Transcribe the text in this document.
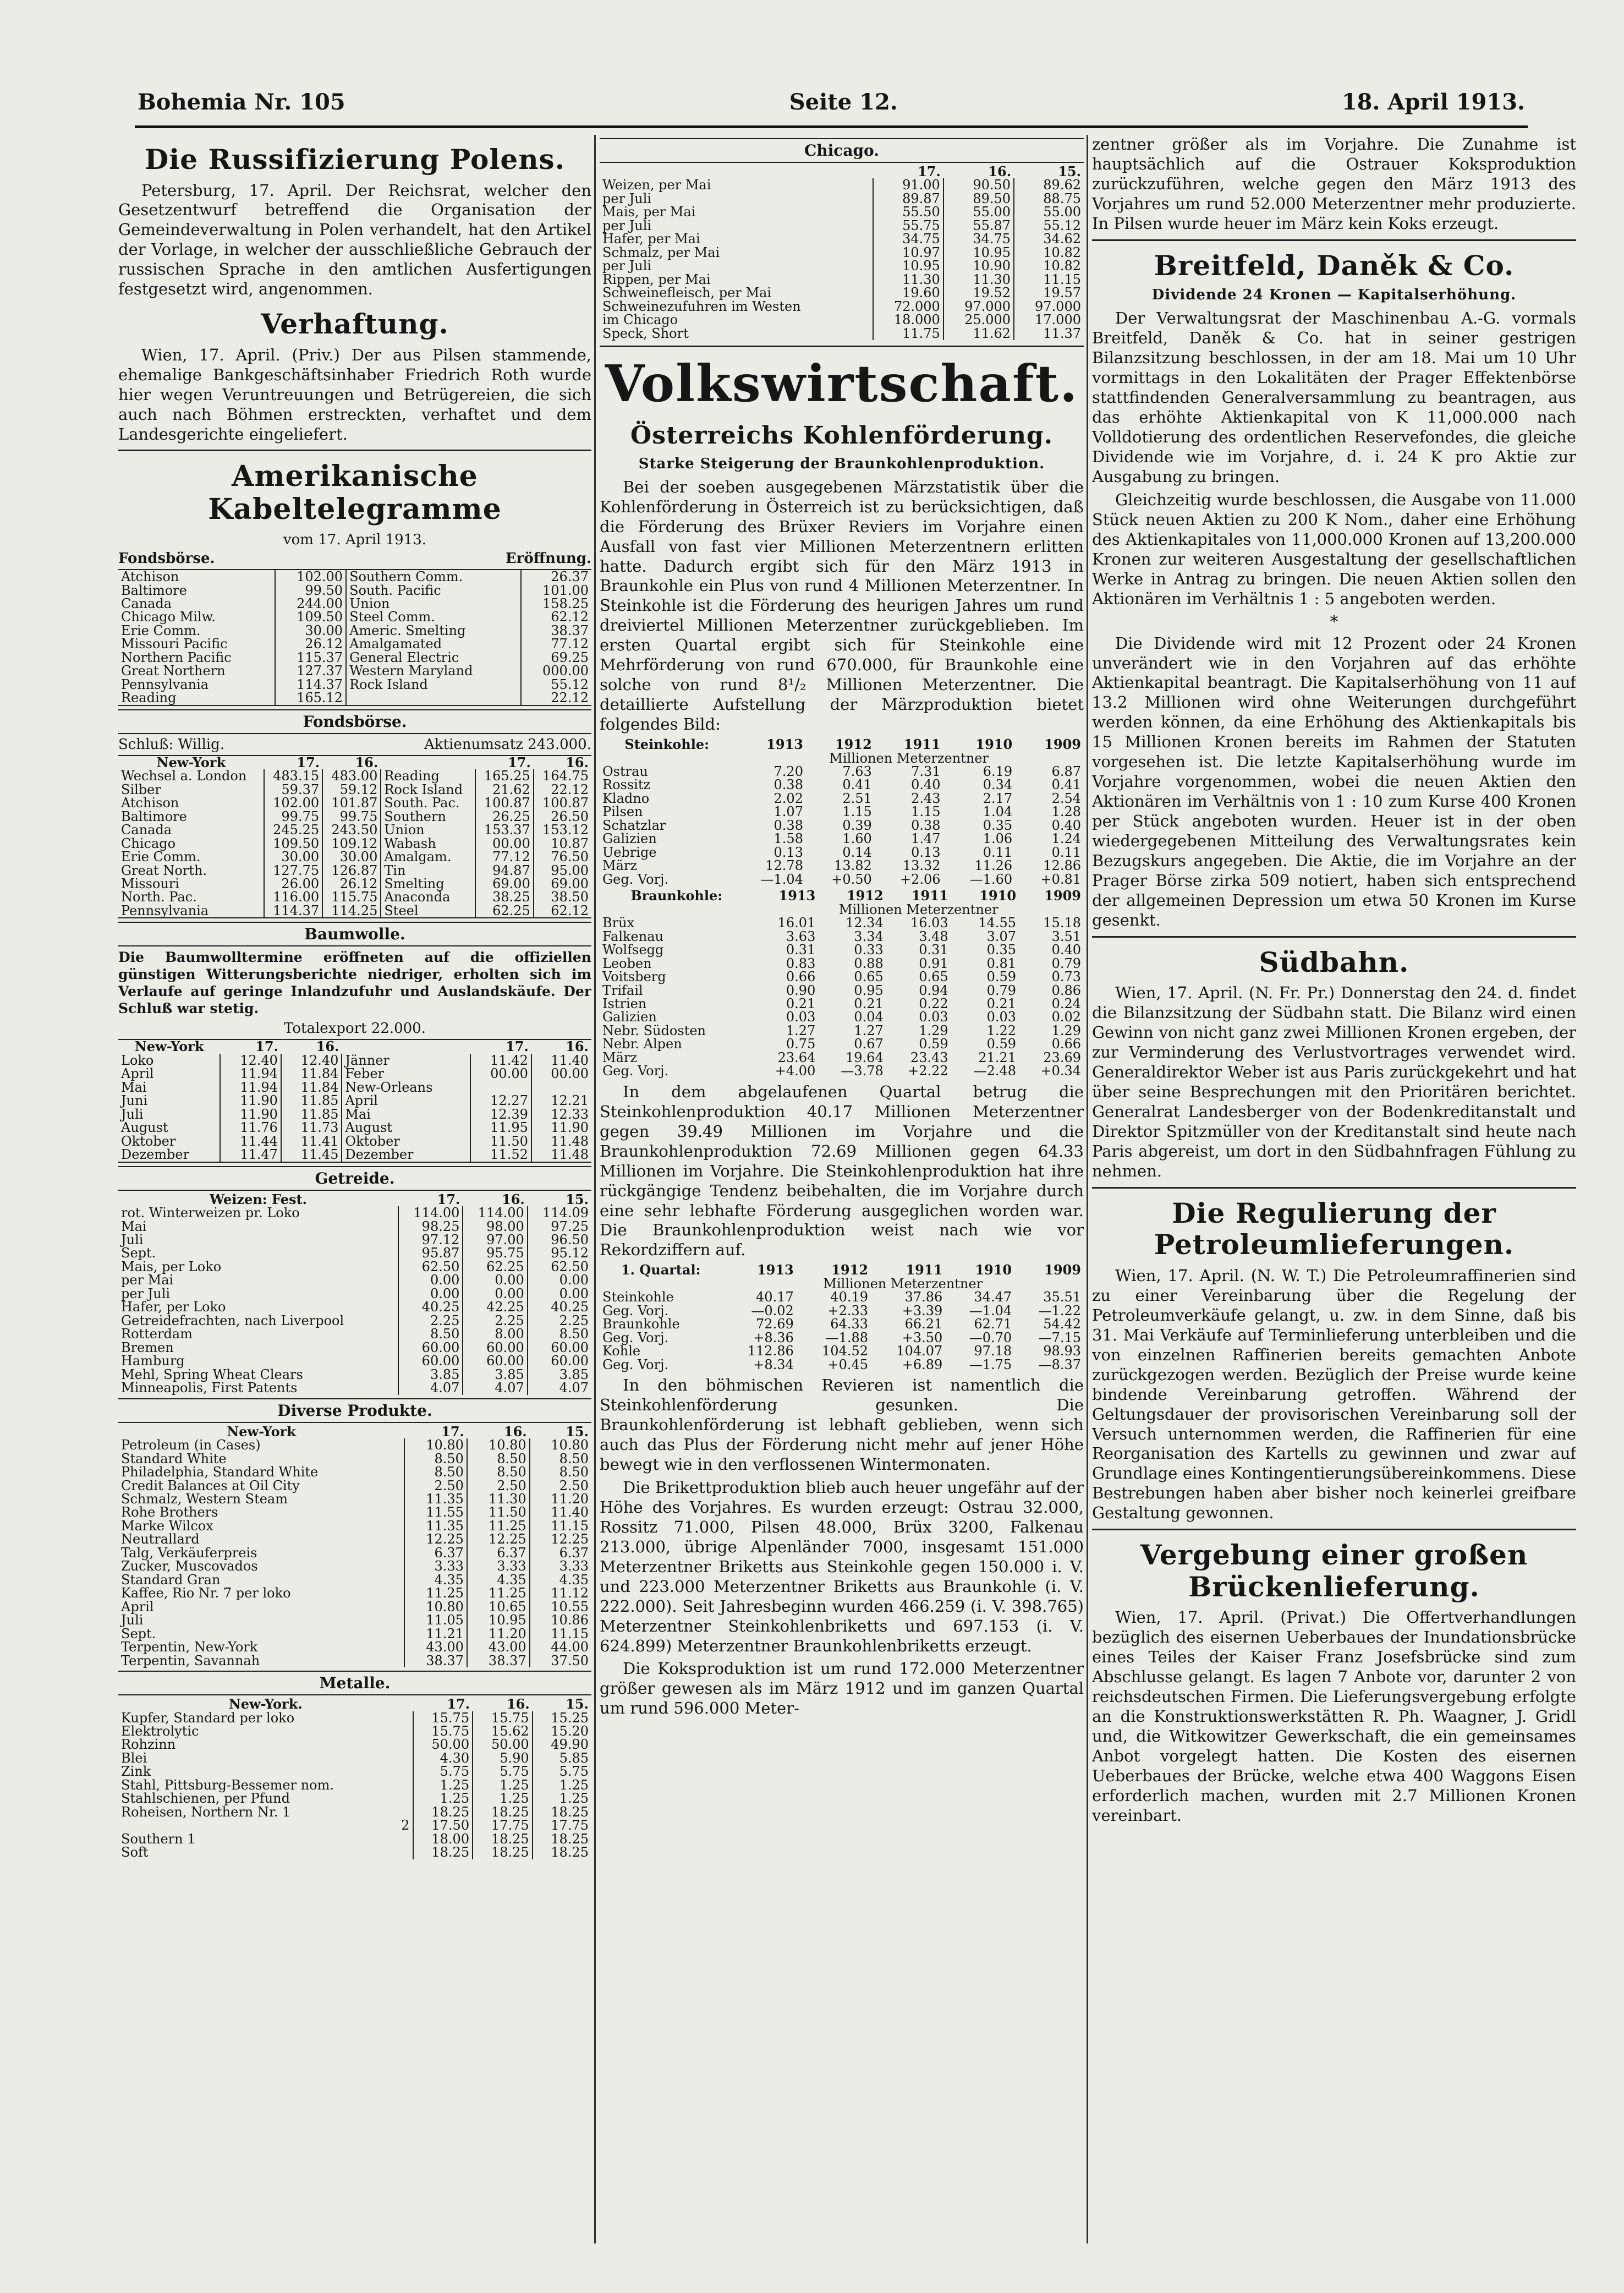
Bohemia Nr. 105	Seite 12.	18. April 1913.
Die Russifizierung Polens.

Petersburg, 17. April. Der Reichsrat, welcher den Gesetzentwurf betreffend die Organisation der Gemeindeverwaltung in Polen verhandelt, hat den Artikel der Vorlage, in welcher der ausschließliche Gebrauch der russischen Sprache in den amtlichen Ausfertigungen festgesetzt wird, angenommen.

Verhaftung.

Wien, 17. April. (Priv.) Der aus Pilsen stammende, ehemalige Bankgeschäftsinhaber Friedrich Roth wurde hier wegen Veruntreuungen und Betrügereien, die sich auch nach Böhmen erstreckten, verhaftet und dem Landesgerichte eingeliefert.

Amerikanische Kabeltelegramme
vom 17. April 1913.
Fondsbörse.	Eröffnung.
Atchison	102.00	Southern Comm.	26.37
Baltimore	99.50	South. Pacific	101.00
Canada	244.00	Union	158.25
Chicago Milw.	109.50	Steel Comm.	62.12
Erie Comm.	30.00	Americ. Smelting	38.37
Missouri Pacific	26.12	Amalgamated	77.12
Northern Pacific	115.37	General Electric	69.25
Great Northern	127.37	Western Maryland	000.00
Pennsylvania	114.37	Rock Island	55.12
Reading	165.12		22.12
Fondsbörse.
Schluß: Willig.	Aktienumsatz 243.000.
New-York	17.	16.		17.	16.
Wechsel a. London	483.15	483.00	Reading	165.25	164.75
Silber	59.37	59.12	Rock Island	21.62	22.12
Atchison	102.00	101.87	South. Pac.	100.87	100.87
Baltimore	99.75	99.75	Southern	26.25	26.50
Canada	245.25	243.50	Union	153.37	153.12
Chicago	109.50	109.12	Wabash	00.00	10.87
Erie Comm.	30.00	30.00	Amalgam.	77.12	76.50
Great North.	127.75	126.87	Tin	94.87	95.00
Missouri	26.00	26.12	Smelting	69.00	69.00
North. Pac.	116.00	115.75	Anaconda	38.25	38.50
Pennsylvania	114.37	114.25	Steel	62.25	62.12
Baumwolle.

Die Baumwolltermine eröffneten auf die offiziellen günstigen Witterungsberichte niedriger, erholten sich im Verlaufe auf geringe Inlandzufuhr und Auslandskäufe. Der Schluß war stetig.

Totalexport 22.000.
New-York	17.	16.		17.	16.
Loko	12.40	12.40	Jänner	11.42	11.40
April	11.94	11.84	Feber	00.00	00.00
Mai	11.94	11.84	New-Orleans		
Juni	11.90	11.85	April	12.27	12.21
Juli	11.90	11.85	Mai	12.39	12.33
August	11.76	11.73	August	11.95	11.90
Oktober	11.44	11.41	Oktober	11.50	11.48
Dezember	11.47	11.45	Dezember	11.52	11.48
Getreide.
Weizen: Fest.	17.	16.	15.
rot. Winterweizen pr. Loko	114.00	114.00	114.09
Mai	98.25	98.00	97.25
Juli	97.12	97.00	96.50
Sept.	95.87	95.75	95.12
Mais, per Loko	62.50	62.25	62.50
per Mai	0.00	0.00	0.00
per Juli	0.00	0.00	0.00
Hafer, per Loko	40.25	42.25	40.25
Getreidefrachten, nach Liverpool	2.25	2.25	2.25
Rotterdam	8.50	8.00	8.50
Bremen	60.00	60.00	60.00
Hamburg	60.00	60.00	60.00
Mehl, Spring Wheat Clears	3.85	3.85	3.85
Minneapolis, First Patents	4.07	4.07	4.07
Diverse Produkte.
New-York	17.	16.	15.
Petroleum (in Cases)	10.80	10.80	10.80
Standard White	8.50	8.50	8.50
Philadelphia, Standard White	8.50	8.50	8.50
Credit Balances at Oil City	2.50	2.50	2.50
Schmalz, Western Steam	11.35	11.30	11.20
Rohe Brothers	11.55	11.50	11.40
Marke Wilcox	11.35	11.25	11.15
Neutrallard	12.25	12.25	12.25
Talg, Verkäuferpreis	6.37	6.37	6.37
Zucker, Muscovados	3.33	3.33	3.33
Standard Gran	4.35	4.35	4.35
Kaffee, Rio Nr. 7 per loko	11.25	11.25	11.12
April	10.80	10.65	10.55
Juli	11.05	10.95	10.86
Sept.	11.21	11.20	11.15
Terpentin, New-York	43.00	43.00	44.00
Terpentin, Savannah	38.37	38.37	37.50
Metalle.
New-York.	17.	16.	15.
Kupfer, Standard per loko	15.75	15.75	15.25
Elektrolytic	15.75	15.62	15.20
Rohzinn	50.00	50.00	49.90
Blei	4.30	5.90	5.85
Zink	5.75	5.75	5.75
Stahl, Pittsburg-Bessemer nom.	1.25	1.25	1.25
Stahlschienen, per Pfund	1.25	1.25	1.25
Roheisen, Northern Nr. 1	18.25	18.25	18.25
2	17.50	17.75	17.75
Southern 1	18.00	18.25	18.25
Soft	18.25	18.25	18.25
Chicago.
	17.	16.	15.
Weizen, per Mai	91.00	90.50	89.62
per Juli	89.87	89.50	88.75
Mais, per Mai	55.50	55.00	55.00
per Juli	55.75	55.87	55.12
Hafer, per Mai	34.75	34.75	34.62
Schmalz, per Mai	10.97	10.95	10.82
per Juli	10.95	10.90	10.82
Rippen, per Mai	11.30	11.30	11.15
Schweinefleisch, per Mai	19.60	19.52	19.57
Schweinezufuhren im Westen	72.000	97.000	97.000
im Chicago	18.000	25.000	17.000
Speck, Short	11.75	11.62	11.37
Volkswirtschaft.
Österreichs Kohlenförderung.
Starke Steigerung der Braunkohlenproduktion.

Bei der soeben ausgegebenen Märzstatistik über die Kohlenförderung in Österreich ist zu berücksichtigen, daß die Förderung des Brüxer Reviers im Vorjahre einen Ausfall von fast vier Millionen Meterzentnern erlitten hatte. Dadurch ergibt sich für den März 1913 in Braunkohle ein Plus von rund 4 Millionen Meterzentner. In Steinkohle ist die Förderung des heurigen Jahres um rund dreiviertel Millionen Meterzentner zurückgeblieben. Im ersten Quartal ergibt sich für Steinkohle eine Mehrförderung von rund 670.000, für Braunkohle eine solche von rund 8¹/₂ Millionen Meterzentner. Die detaillierte Aufstellung der Märzproduktion bietet folgendes Bild:

Steinkohle:	1913	1912	1911	1910	1909
	Millionen Meterzentner				
Ostrau	7.20	7.63	7.31	6.19	6.87
Rossitz	0.38	0.41	0.40	0.34	0.41
Kladno	2.02	2.51	2.43	2.17	2.54
Pilsen	1.07	1.15	1.15	1.04	1.28
Schatzlar	0.38	0.39	0.38	0.35	0.40
Galizien	1.58	1.60	1.47	1.06	1.24
Uebrige	0.13	0.14	0.13	0.11	0.11
März	12.78	13.82	13.32	11.26	12.86
Geg. Vorj.	—1.04	+0.50	+2.06	—1.60	+0.81
Braunkohle:	1913	1912	1911	1910	1909
	Millionen Meterzentner				
Brüx	16.01	12.34	16.03	14.55	15.18
Falkenau	3.63	3.34	3.48	3.07	3.51
Wolfsegg	0.31	0.33	0.31	0.35	0.40
Leoben	0.83	0.88	0.91	0.81	0.79
Voitsberg	0.66	0.65	0.65	0.59	0.73
Trifail	0.90	0.95	0.94	0.79	0.86
Istrien	0.21	0.21	0.22	0.21	0.24
Galizien	0.03	0.04	0.03	0.03	0.02
Nebr. Südosten	1.27	1.27	1.29	1.22	1.29
Nebr. Alpen	0.75	0.67	0.59	0.59	0.66
März	23.64	19.64	23.43	21.21	23.69
Geg. Vorj.	+4.00	—3.78	+2.22	—2.48	+0.34

In dem abgelaufenen Quartal betrug die Steinkohlenproduktion 40.17 Millionen Meterzentner gegen 39.49 Millionen im Vorjahre und die Braunkohlenproduktion 72.69 Millionen gegen 64.33 Millionen im Vorjahre. Die Steinkohlenproduktion hat ihre rückgängige Tendenz beibehalten, die im Vorjahre durch eine sehr lebhafte Förderung ausgeglichen worden war. Die Braunkohlenproduktion weist nach wie vor Rekordziffern auf.

1. Quartal:	1913	1912	1911	1910	1909
	Millionen Meterzentner				
Steinkohle	40.17	40.19	37.86	34.47	35.51
Geg. Vorj.	—0.02	+2.33	+3.39	—1.04	—1.22
Braunkohle	72.69	64.33	66.21	62.71	54.42
Geg. Vorj.	+8.36	—1.88	+3.50	—0.70	—7.15
Kohle	112.86	104.52	104.07	97.18	98.93
Geg. Vorj.	+8.34	+0.45	+6.89	—1.75	—8.37

In den böhmischen Revieren ist namentlich die Steinkohlenförderung gesunken. Die Braunkohlenförderung ist lebhaft geblieben, wenn sich auch das Plus der Förderung nicht mehr auf jener Höhe bewegt wie in den verflossenen Wintermonaten.

Die Brikettproduktion blieb auch heuer ungefähr auf der Höhe des Vorjahres. Es wurden erzeugt: Ostrau 32.000, Rossitz 71.000, Pilsen 48.000, Brüx 3200, Falkenau 213.000, übrige Alpenländer 7000, insgesamt 151.000 Meterzentner Briketts aus Steinkohle gegen 150.000 i. V. und 223.000 Meterzentner Briketts aus Braunkohle (i. V. 222.000). Seit Jahresbeginn wurden 466.259 (i. V. 398.765) Meterzentner Steinkohlenbriketts und 697.153 (i. V. 624.899) Meterzentner Braunkohlenbriketts erzeugt.

Die Koksproduktion ist um rund 172.000 Meterzentner größer gewesen als im März 1912 und im ganzen Quartal um rund 596.000 Meter-

zentner größer als im Vorjahre. Die Zunahme ist hauptsächlich auf die Ostrauer Koksproduktion zurückzuführen, welche gegen den März 1913 des Vorjahres um rund 52.000 Meterzentner mehr produzierte. In Pilsen wurde heuer im März kein Koks erzeugt.

Breitfeld, Daněk & Co.
Dividende 24 Kronen — Kapitalserhöhung.

Der Verwaltungsrat der Maschinenbau A.-G. vormals Breitfeld, Daněk & Co. hat in seiner gestrigen Bilanzsitzung beschlossen, in der am 18. Mai um 10 Uhr vormittags in den Lokalitäten der Prager Effektenbörse stattfindenden Generalversammlung zu beantragen, aus das erhöhte Aktienkapital von K 11,000.000 nach Volldotierung des ordentlichen Reservefondes, die gleiche Dividende wie im Vorjahre, d. i. 24 K pro Aktie zur Ausgabung zu bringen.

Gleichzeitig wurde beschlossen, die Ausgabe von 11.000 Stück neuen Aktien zu 200 K Nom., daher eine Erhöhung des Aktienkapitales von 11,000.000 Kronen auf 13,200.000 Kronen zur weiteren Ausgestaltung der gesellschaftlichen Werke in Antrag zu bringen. Die neuen Aktien sollen den Aktionären im Verhältnis 1 : 5 angeboten werden.

*

Die Dividende wird mit 12 Prozent oder 24 Kronen unverändert wie in den Vorjahren auf das erhöhte Aktienkapital beantragt. Die Kapitalserhöhung von 11 auf 13.2 Millionen wird ohne Weiterungen durchgeführt werden können, da eine Erhöhung des Aktienkapitals bis 15 Millionen Kronen bereits im Rahmen der Statuten vorgesehen ist. Die letzte Kapitalserhöhung wurde im Vorjahre vorgenommen, wobei die neuen Aktien den Aktionären im Verhältnis von 1 : 10 zum Kurse 400 Kronen per Stück angeboten wurden. Heuer ist in der oben wiedergegebenen Mitteilung des Verwaltungsrates kein Bezugskurs angegeben. Die Aktie, die im Vorjahre an der Prager Börse zirka 509 notiert, haben sich entsprechend der allgemeinen Depression um etwa 50 Kronen im Kurse gesenkt.

Südbahn.

Wien, 17. April. (N. Fr. Pr.) Donnerstag den 24. d. findet die Bilanzsitzung der Südbahn statt. Die Bilanz wird einen Gewinn von nicht ganz zwei Millionen Kronen ergeben, der zur Verminderung des Verlustvortrages verwendet wird. Generaldirektor Weber ist aus Paris zurückgekehrt und hat über seine Besprechungen mit den Prioritären berichtet. Generalrat Landesberger von der Bodenkreditanstalt und Direktor Spitzmüller von der Kreditanstalt sind heute nach Paris abgereist, um dort in den Südbahnfragen Fühlung zu nehmen.

Die Regulierung der Petroleumlieferungen.

Wien, 17. April. (N. W. T.) Die Petroleumraffinerien sind zu einer Vereinbarung über die Regelung der Petroleumverkäufe gelangt, u. zw. in dem Sinne, daß bis 31. Mai Verkäufe auf Terminlieferung unterbleiben und die von einzelnen Raffinerien bereits gemachten Anbote zurückgezogen werden. Bezüglich der Preise wurde keine bindende Vereinbarung getroffen. Während der Geltungsdauer der provisorischen Vereinbarung soll der Versuch unternommen werden, die Raffinerien für eine Reorganisation des Kartells zu gewinnen und zwar auf Grundlage eines Kontingentierungsübereinkommens. Diese Bestrebungen haben aber bisher noch keinerlei greifbare Gestaltung gewonnen.

Vergebung einer großen Brückenlieferung.

Wien, 17. April. (Privat.) Die Offertverhandlungen bezüglich des eisernen Ueberbaues der Inundationsbrücke eines Teiles der Kaiser Franz Josefsbrücke sind zum Abschlusse gelangt. Es lagen 7 Anbote vor, darunter 2 von reichsdeutschen Firmen. Die Lieferungsvergebung erfolgte an die Konstruktionswerkstätten R. Ph. Waagner, J. Gridl und, die Witkowitzer Gewerkschaft, die ein gemeinsames Anbot vorgelegt hatten. Die Kosten des eisernen Ueberbaues der Brücke, welche etwa 400 Waggons Eisen erforderlich machen, wurden mit 2.7 Millionen Kronen vereinbart.
